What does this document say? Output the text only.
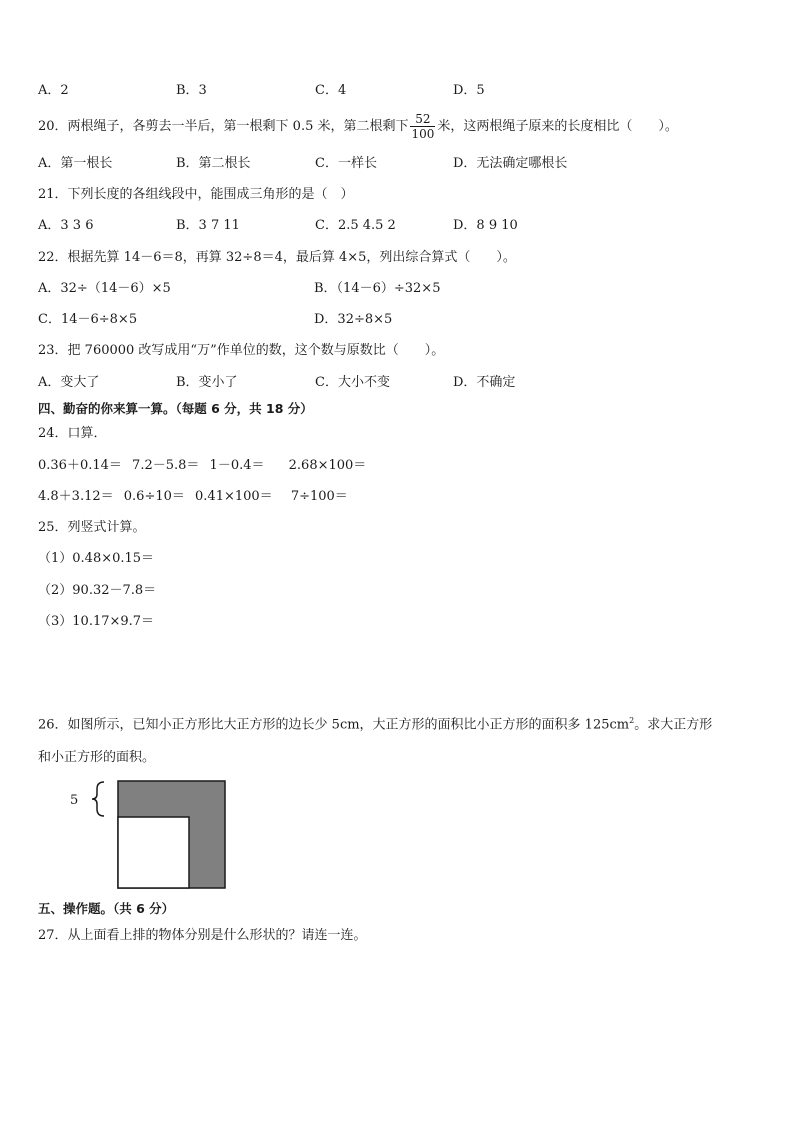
A．2	B．3	C．4	D．5
20．两根绳子，各剪去一半后，第一根剩下 0.5 米，第二根剩下 $\frac{52}{100}$ 米，这两根绳子原来的长度相比（　　）。
A．第一根长	B．第二根长	C．一样长	D．无法确定哪根长
21．下列长度的各组线段中，能围成三角形的是（　）
A．3 3 6	B．3 7 11	C．2.5 4.5 2	D．8 9 10
22．根据先算 14－6＝8，再算 32÷8＝4，最后算 4×5，列出综合算式（　　）。
A．32÷（14－6）×5	B．（14－6）÷32×5
C．14－6÷8×5	D．32÷8×5
23．把 760000 改写成用“万”作单位的数，这个数与原数比（　　）。
A．变大了	B．变小了	C．大小不变	D．不确定
四、勤奋的你来算一算。（每题 6 分，共 18 分）
24．口算．
0.36＋0.14＝ 7.2－5.8＝ 1－0.4＝ 2.68×100＝
4.8＋3.12＝ 0.6÷10＝ 0.41×100＝ 7÷100＝
25．列竖式计算。
（1）0.48×0.15＝
（2）90.32－7.8＝
（3）10.17×9.7＝
26．如图所示，已知小正方形比大正方形的边长少 5cm，大正方形的面积比小正方形的面积多 $125cm^2$。求大正方形
和小正方形的面积。
5
五、操作题。（共 6 分）
27．从上面看上排的物体分别是什么形状的？请连一连。
